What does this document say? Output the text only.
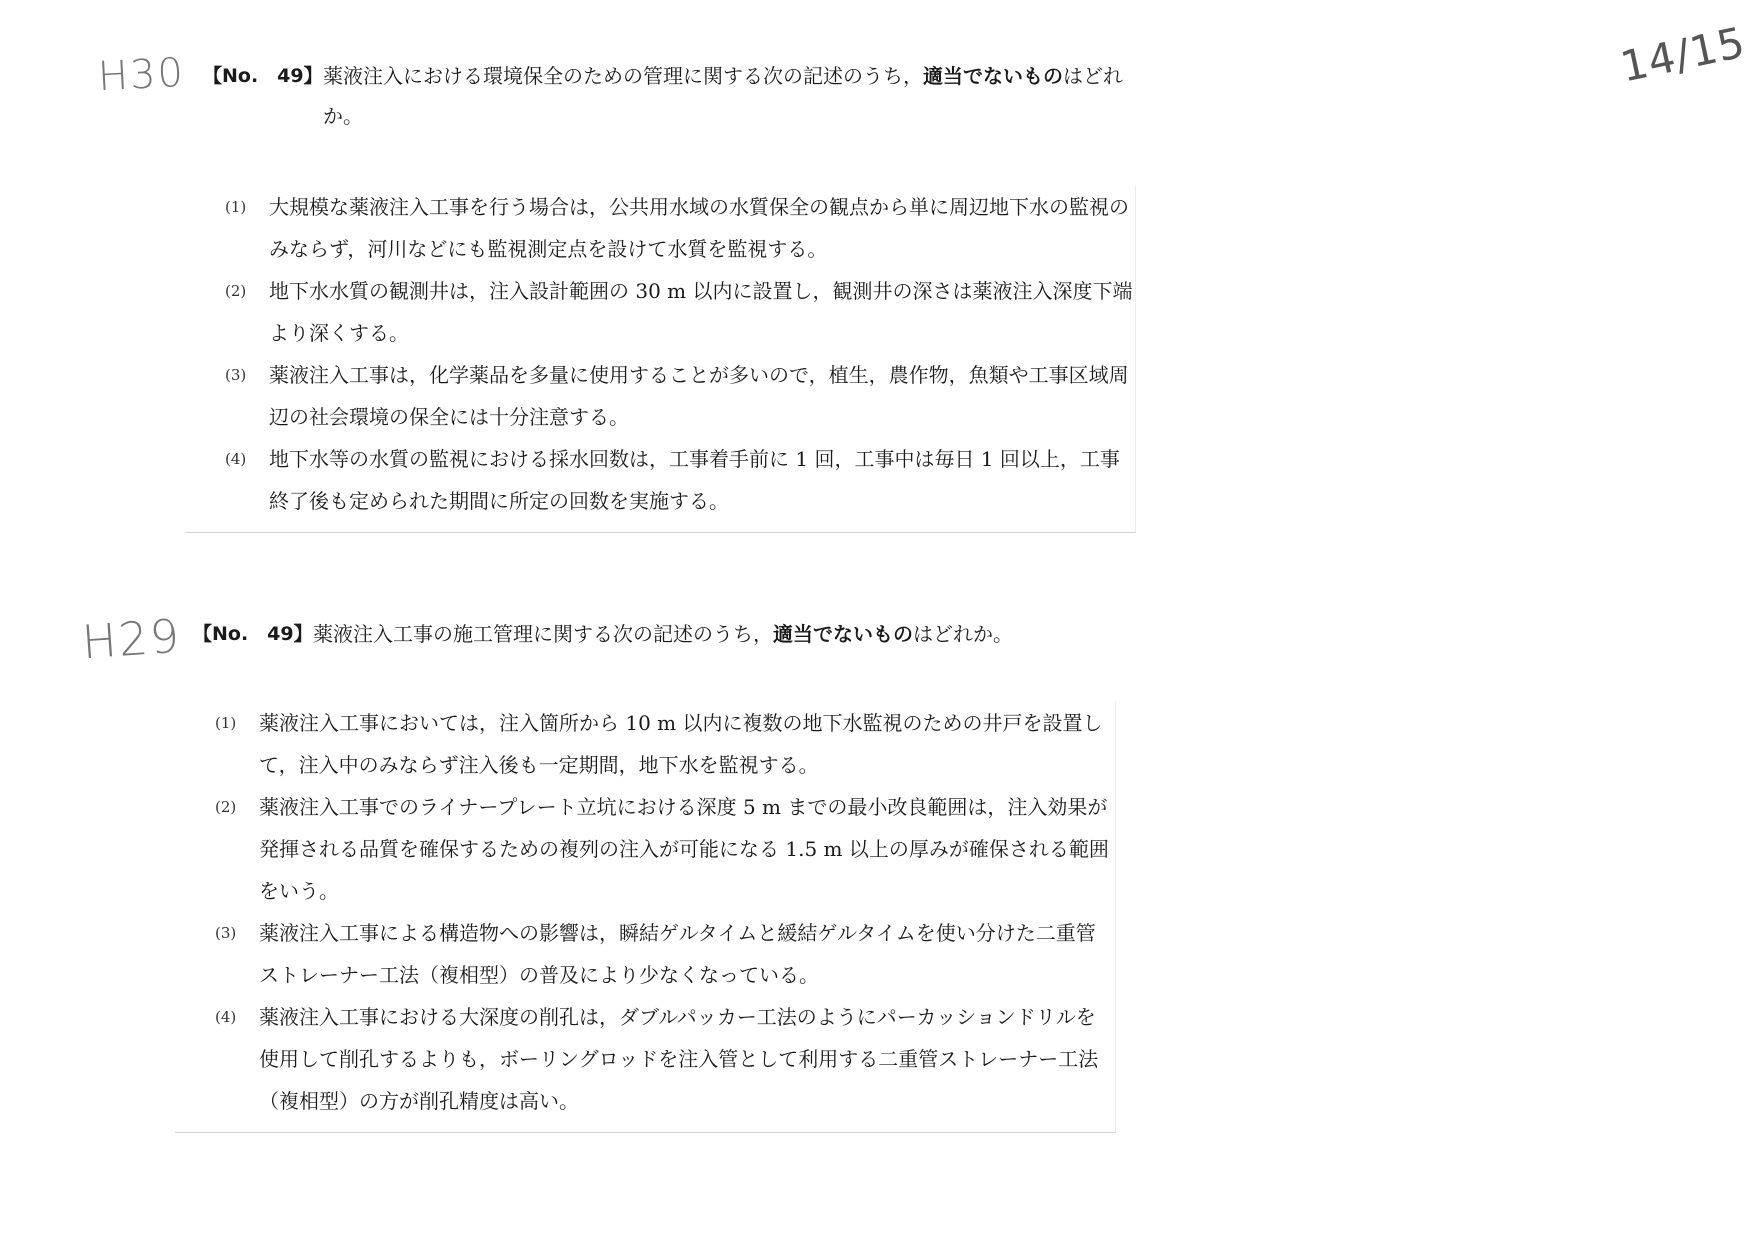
H30
H29
14/15
【No.　49】 薬液注入における環境保全のための管理に関する次の記述のうち，適当でないものはどれか。
(1)	大規模な薬液注入工事を行う場合は，公共用水域の水質保全の観点から単に周辺地下水の監視のみならず，河川などにも監視測定点を設けて水質を監視する。
(2)	地下水水質の観測井は，注入設計範囲の 30 m 以内に設置し，観測井の深さは薬液注入深度下端より深くする。
(3)	薬液注入工事は，化学薬品を多量に使用することが多いので，植生，農作物，魚類や工事区域周辺の社会環境の保全には十分注意する。
(4)	地下水等の水質の監視における採水回数は，工事着手前に 1 回，工事中は毎日 1 回以上，工事終了後も定められた期間に所定の回数を実施する。
【No.　49】 薬液注入工事の施工管理に関する次の記述のうち，適当でないものはどれか。
(1)	薬液注入工事においては，注入箇所から 10 m 以内に複数の地下水監視のための井戸を設置して，注入中のみならず注入後も一定期間，地下水を監視する。
(2)	薬液注入工事でのライナープレート立坑における深度 5 m までの最小改良範囲は，注入効果が発揮される品質を確保するための複列の注入が可能になる 1.5 m 以上の厚みが確保される範囲をいう。
(3)	薬液注入工事による構造物への影響は，瞬結ゲルタイムと緩結ゲルタイムを使い分けた二重管ストレーナー工法（複相型）の普及により少なくなっている。
(4)	薬液注入工事における大深度の削孔は，ダブルパッカー工法のようにパーカッションドリルを使用して削孔するよりも，ボーリングロッドを注入管として利用する二重管ストレーナー工法（複相型）の方が削孔精度は高い。
